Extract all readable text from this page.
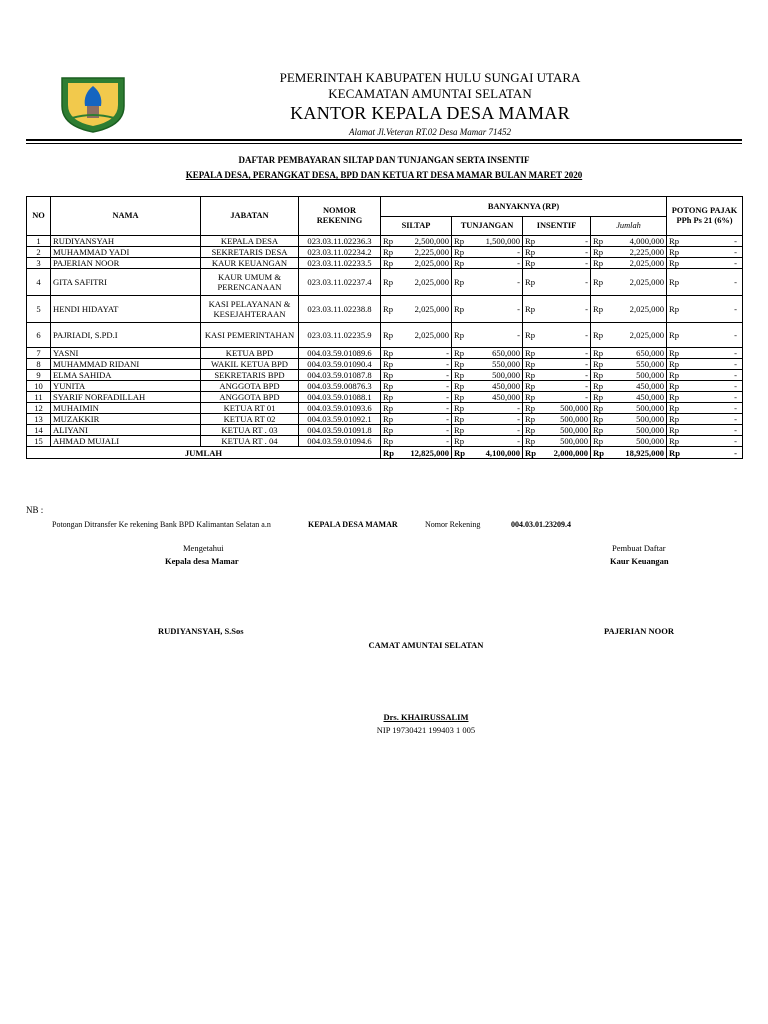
PEMERINTAH KABUPATEN HULU SUNGAI UTARA
KECAMATAN AMUNTAI SELATAN
KANTOR KEPALA DESA MAMAR
Alamat Jl.Veteran RT.02 Desa Mamar 71452
DAFTAR PEMBAYARAN SILTAP DAN TUNJANGAN SERTA INSENTIF
KEPALA DESA, PERANGKAT DESA, BPD DAN KETUA RT DESA MAMAR BULAN MARET 2020
NO	NAMA	JABATAN	NOMOR REKENING	BANYAKNYA (RP)								POTONG PAJAK PPh Ps 21 (6%)
				SILTAP		TUNJANGAN		INSENTIF		Jumlah		
1	RUDIYANSYAH	KEPALA DESA	023.03.11.02236.3	Rp	2,500,000	Rp	1,500,000	Rp	-	Rp	4,000,000	Rp -

2	MUHAMMAD YADI	SEKRETARIS DESA	023.03.11.02234.2	Rp	2,225,000	Rp	-	Rp	-	Rp	2,225,000	Rp -

3	PAJERIAN NOOR	KAUR KEUANGAN	023.03.11.02233.5	Rp	2,025,000	Rp	-	Rp	-	Rp	2,025,000	Rp -

4	GITA SAFITRI	KAUR UMUM & PERENCANAAN	023.03.11.02237.4	Rp	2,025,000	Rp	-	Rp	-	Rp	2,025,000	Rp -

5	HENDI HIDAYAT	KASI PELAYANAN & KESEJAHTERAAN	023.03.11.02238.8	Rp	2,025,000	Rp	-	Rp	-	Rp	2,025,000	Rp -

6	PAJRIADI, S.PD.I	KASI PEMERINTAHAN	023.03.11.02235.9	Rp	2,025,000	Rp	-	Rp	-	Rp	2,025,000	Rp -

7	YASNI	KETUA BPD	004.03.59.01089.6	Rp	-	Rp	650,000	Rp	-	Rp	650,000	Rp -

8	MUHAMMAD RIDANI	WAKIL KETUA BPD	004.03.59.01090.4	Rp	-	Rp	550,000	Rp	-	Rp	550,000	Rp -

9	ELMA SAHIDA	SEKRETARIS BPD	004.03.59.01087.8	Rp	-	Rp	500,000	Rp	-	Rp	500,000	Rp -

10	YUNITA	ANGGOTA BPD	004.03.59.00876.3	Rp	-	Rp	450,000	Rp	-	Rp	450,000	Rp -

11	SYARIF NORFADILLAH	ANGGOTA BPD	004.03.59.01088.1	Rp	-	Rp	450,000	Rp	-	Rp	450,000	Rp -

12	MUHAIMIN	KETUA RT 01	004.03.59.01093.6	Rp	-	Rp	-	Rp	500,000	Rp	500,000	Rp -

13	MUZAKKIR	KETUA RT 02	004.03.59.01092.1	Rp	-	Rp	-	Rp	500,000	Rp	500,000	Rp -

14	ALIYANI	KETUA RT . 03	004.03.59.01091.8	Rp	-	Rp	-	Rp	500,000	Rp	500,000	Rp -

15	AHMAD MUJALI	KETUA RT . 04	004.03.59.01094.6	Rp	-	Rp	-	Rp	500,000	Rp	500,000	Rp -

JUMLAH				Rp	12,825,000	Rp	4,100,000	Rp	2,000,000	Rp	18,925,000	Rp -
NB :
Potongan Ditransfer Ke rekening Bank BPD Kalimantan Selatan a.n	KEPALA DESA MAMAR	Nomor Rekening	004.03.01.23209.4
Mengetahui
Kepala desa Mamar
RUDIYANSYAH, S.Sos
Pembuat Daftar
Kaur Keuangan
PAJERIAN NOOR
CAMAT AMUNTAI SELATAN
Drs. KHAIRUSSALIM
NIP 19730421 199403 1 005
